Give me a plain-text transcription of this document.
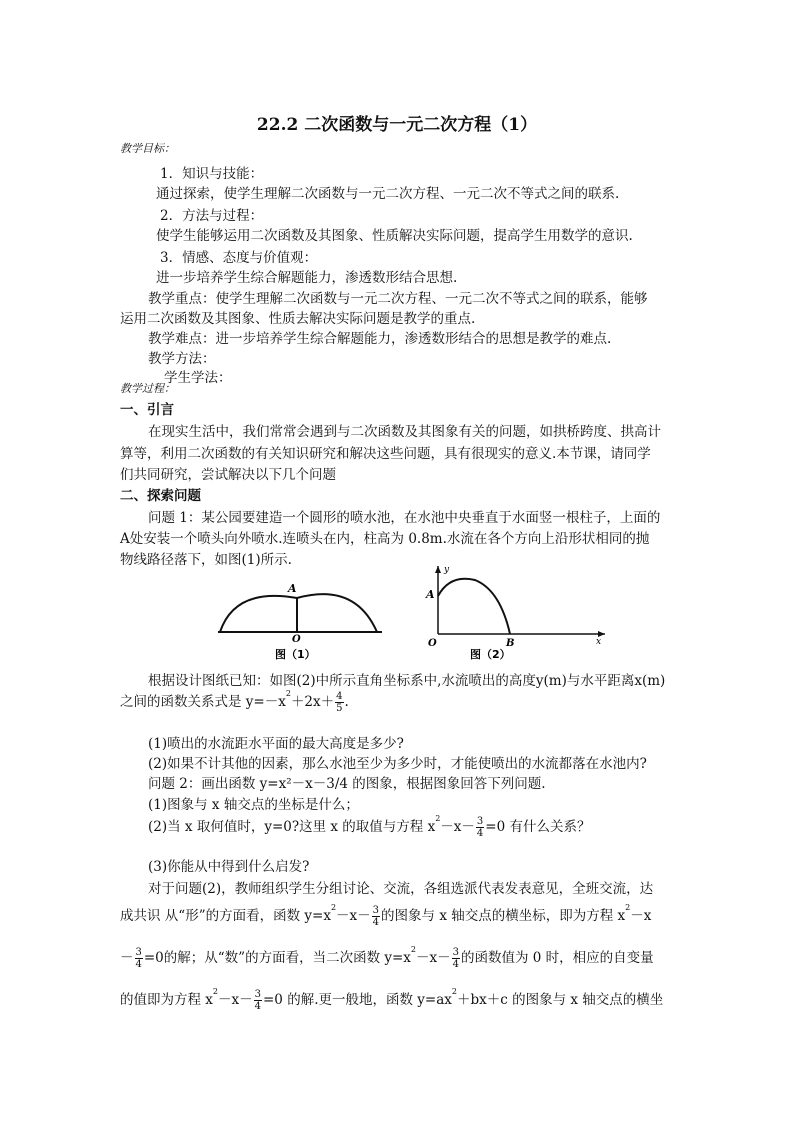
22.2 二次函数与一元二次方程（1）
教学目标：
1．知识与技能：
通过探索，使学生理解二次函数与一元二次方程、一元二次不等式之间的联系.
2．方法与过程：
使学生能够运用二次函数及其图象、性质解决实际问题，提高学生用数学的意识.
3．情感、态度与价值观：
进一步培养学生综合解题能力，渗透数形结合思想.
教学重点：使学生理解二次函数与一元二次方程、一元二次不等式之间的联系，能够
运用二次函数及其图象、性质去解决实际问题是教学的重点.
教学难点：进一步培养学生综合解题能力，渗透数形结合的思想是教学的难点.
教学方法：
学生学法：
教学过程：
一、引言
在现实生活中，我们常常会遇到与二次函数及其图象有关的问题，如拱桥跨度、拱高计
算等，利用二次函数的有关知识研究和解决这些问题，具有很现实的意义.本节课，请同学
们共同研究，尝试解决以下几个问题
二、探索问题
问题 1：某公园要建造一个圆形的喷水池，在水池中央垂直于水面竖一根柱子，上面的
A处安装一个喷头向外喷水.连喷头在内，柱高为 0.8m.水流在各个方向上沿形状相同的抛
物线路径落下，如图(1)所示.
A
O
图（1）
A
O	B
y
x
图（2）
根据设计图纸已知：如图(2)中所示直角坐标系中,水流喷出的高度y(m)与水平距离x(m)
之间的函数关系式是 $y=-x^2+2x+ \frac{4}{5}$ .
(1)喷出的水流距水平面的最大高度是多少?
(2)如果不计其他的因素，那么水池至少为多少时，才能使喷出的水流都落在水池内?
问题 2：画出函数 y=x²－x－3/4 的图象，根据图象回答下列问题.
(1)图象与 x 轴交点的坐标是什么；
(2)当 x 取何值时，y=0?这里 x 的取值与方程 $x^2-x- \frac{3}{4} =0$ 有什么关系？
(3)你能从中得到什么启发?
对于问题(2)，教师组织学生分组讨论、交流，各组选派代表发表意见，全班交流，达
成共识 从“形”的方面看，函数 $y=x^2-x- \frac{3}{4}$ 的图象与 x 轴交点的横坐标，即为方程 $x^2-x$
－ $\frac{3}{4} =0$的解；从“数”的方面看，当二次函数 $y=x^2-x- \frac{3}{4}$ 的函数值为 0 时，相应的自变量
的值即为方程 $x^2-x- \frac{3}{4} =0$ 的解.更一般地，函数 $y=ax^2+bx+c$ 的图象与 x 轴交点的横坐
